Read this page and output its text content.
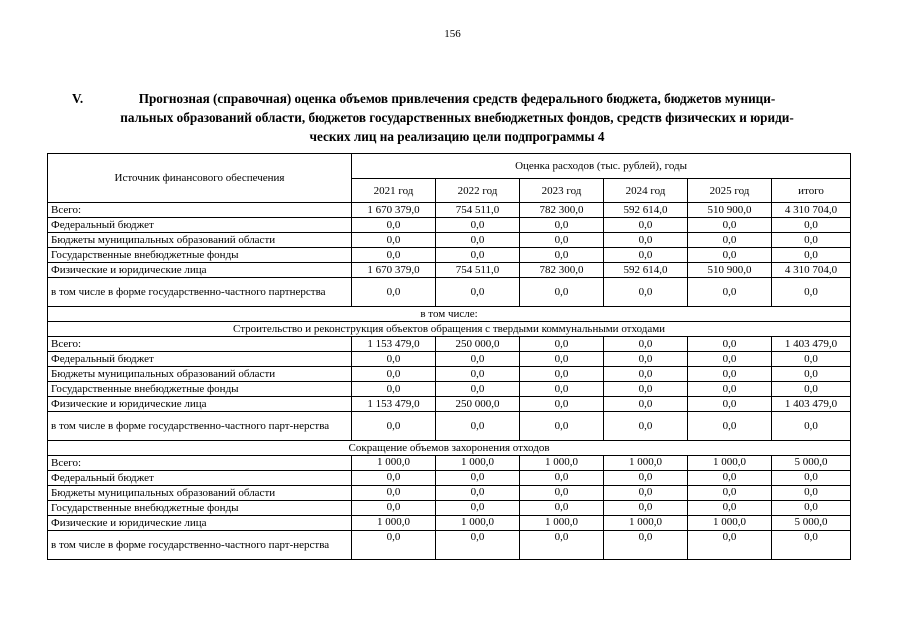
156
V.	Прогнозная (справочная) оценка объемов привлечения средств федерального бюджета, бюджетов муници-
пальных образований области, бюджетов государственных внебюджетных фондов, средств физических и юриди-
ческих лиц на реализацию цели подпрограммы 4
Источник финансового обеспечения	Оценка расходов (тыс. рублей), годы					
	2021 год	2022 год	2023 год	2024 год	2025 год	итого
Всего:	1 670 379,0	754 511,0	782 300,0	592 614,0	510 900,0	4 310 704,0
Федеральный бюджет	0,0	0,0	0,0	0,0	0,0	0,0
Бюджеты муниципальных образований области	0,0	0,0	0,0	0,0	0,0	0,0
Государственные внебюджетные фонды	0,0	0,0	0,0	0,0	0,0	0,0
Физические и юридические лица	1 670 379,0	754 511,0	782 300,0	592 614,0	510 900,0	4 310 704,0
в том числе в форме государственно-частного партнерства	0,0	0,0	0,0	0,0	0,0	0,0
в том числе:						
Строительство и реконструкция объектов обращения с твердыми коммунальными отходами						
Всего:	1 153 479,0	250 000,0	0,0	0,0	0,0	1 403 479,0
Федеральный бюджет	0,0	0,0	0,0	0,0	0,0	0,0
Бюджеты муниципальных образований области	0,0	0,0	0,0	0,0	0,0	0,0
Государственные внебюджетные фонды	0,0	0,0	0,0	0,0	0,0	0,0
Физические и юридические лица	1 153 479,0	250 000,0	0,0	0,0	0,0	1 403 479,0
в том числе в форме государственно-частного парт-нерства	0,0	0,0	0,0	0,0	0,0	0,0
Сокращение объемов захоронения отходов						
Всего:	1 000,0	1 000,0	1 000,0	1 000,0	1 000,0	5 000,0
Федеральный бюджет	0,0	0,0	0,0	0,0	0,0	0,0
Бюджеты муниципальных образований области	0,0	0,0	0,0	0,0	0,0	0,0
Государственные внебюджетные фонды	0,0	0,0	0,0	0,0	0,0	0,0
Физические и юридические лица	1 000,0	1 000,0	1 000,0	1 000,0	1 000,0	5 000,0
в том числе в форме государственно-частного парт-нерства	0,0	0,0	0,0	0,0	0,0	0,0
